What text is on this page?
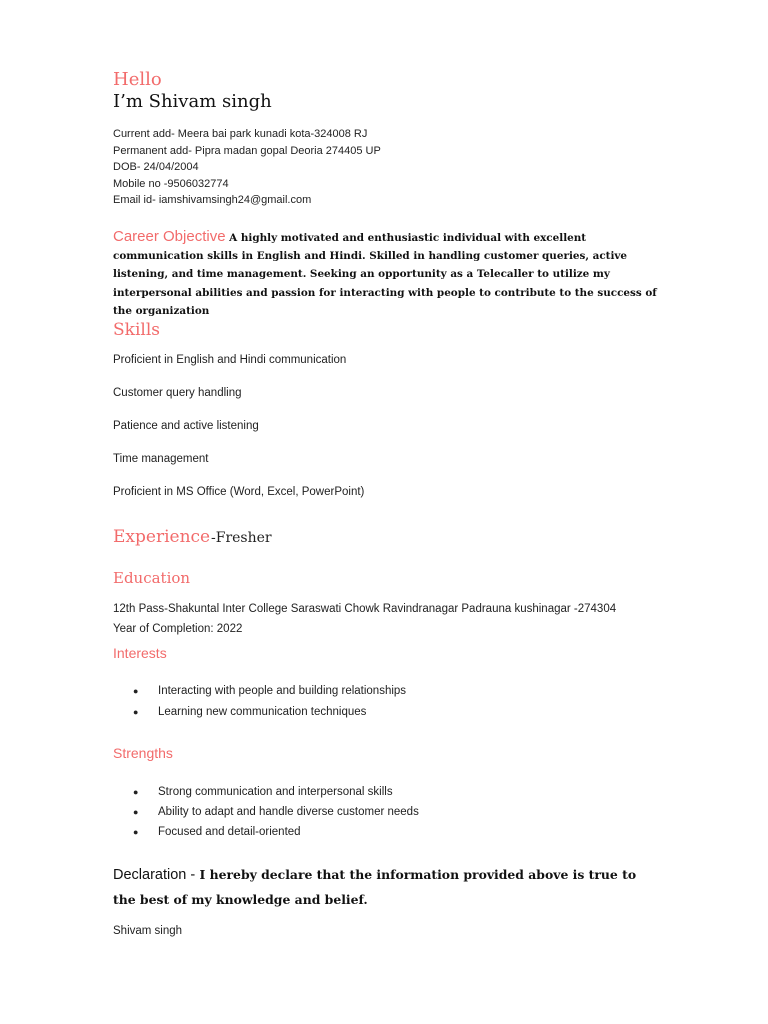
Hello
I’m Shivam singh
Current add- Meera bai park kunadi kota-324008 RJ
Permanent add- Pipra madan gopal Deoria 274405 UP
DOB- 24/04/2004
Mobile no -9506032774
Email id- iamshivamsingh24@gmail.com
Career Objective A highly motivated and enthusiastic individual with excellent communication skills in English and Hindi. Skilled in handling customer queries, active listening, and time management. Seeking an opportunity as a Telecaller to utilize my interpersonal abilities and passion for interacting with people to contribute to the success of the organization
Skills
Proficient in English and Hindi communication
Customer query handling
Patience and active listening
Time management
Proficient in MS Office (Word, Excel, PowerPoint)
Experience -Fresher
Education
12th Pass-Shakuntal Inter College Saraswati Chowk Ravindranagar Padrauna kushinagar -274304
Year of Completion: 2022
Interests
● Interacting with people and building relationships
● Learning new communication techniques
Strengths
● Strong communication and interpersonal skills
● Ability to adapt and handle diverse customer needs
● Focused and detail-oriented
Declaration - I hereby declare that the information provided above is true to the best of my knowledge and belief.
Shivam singh
